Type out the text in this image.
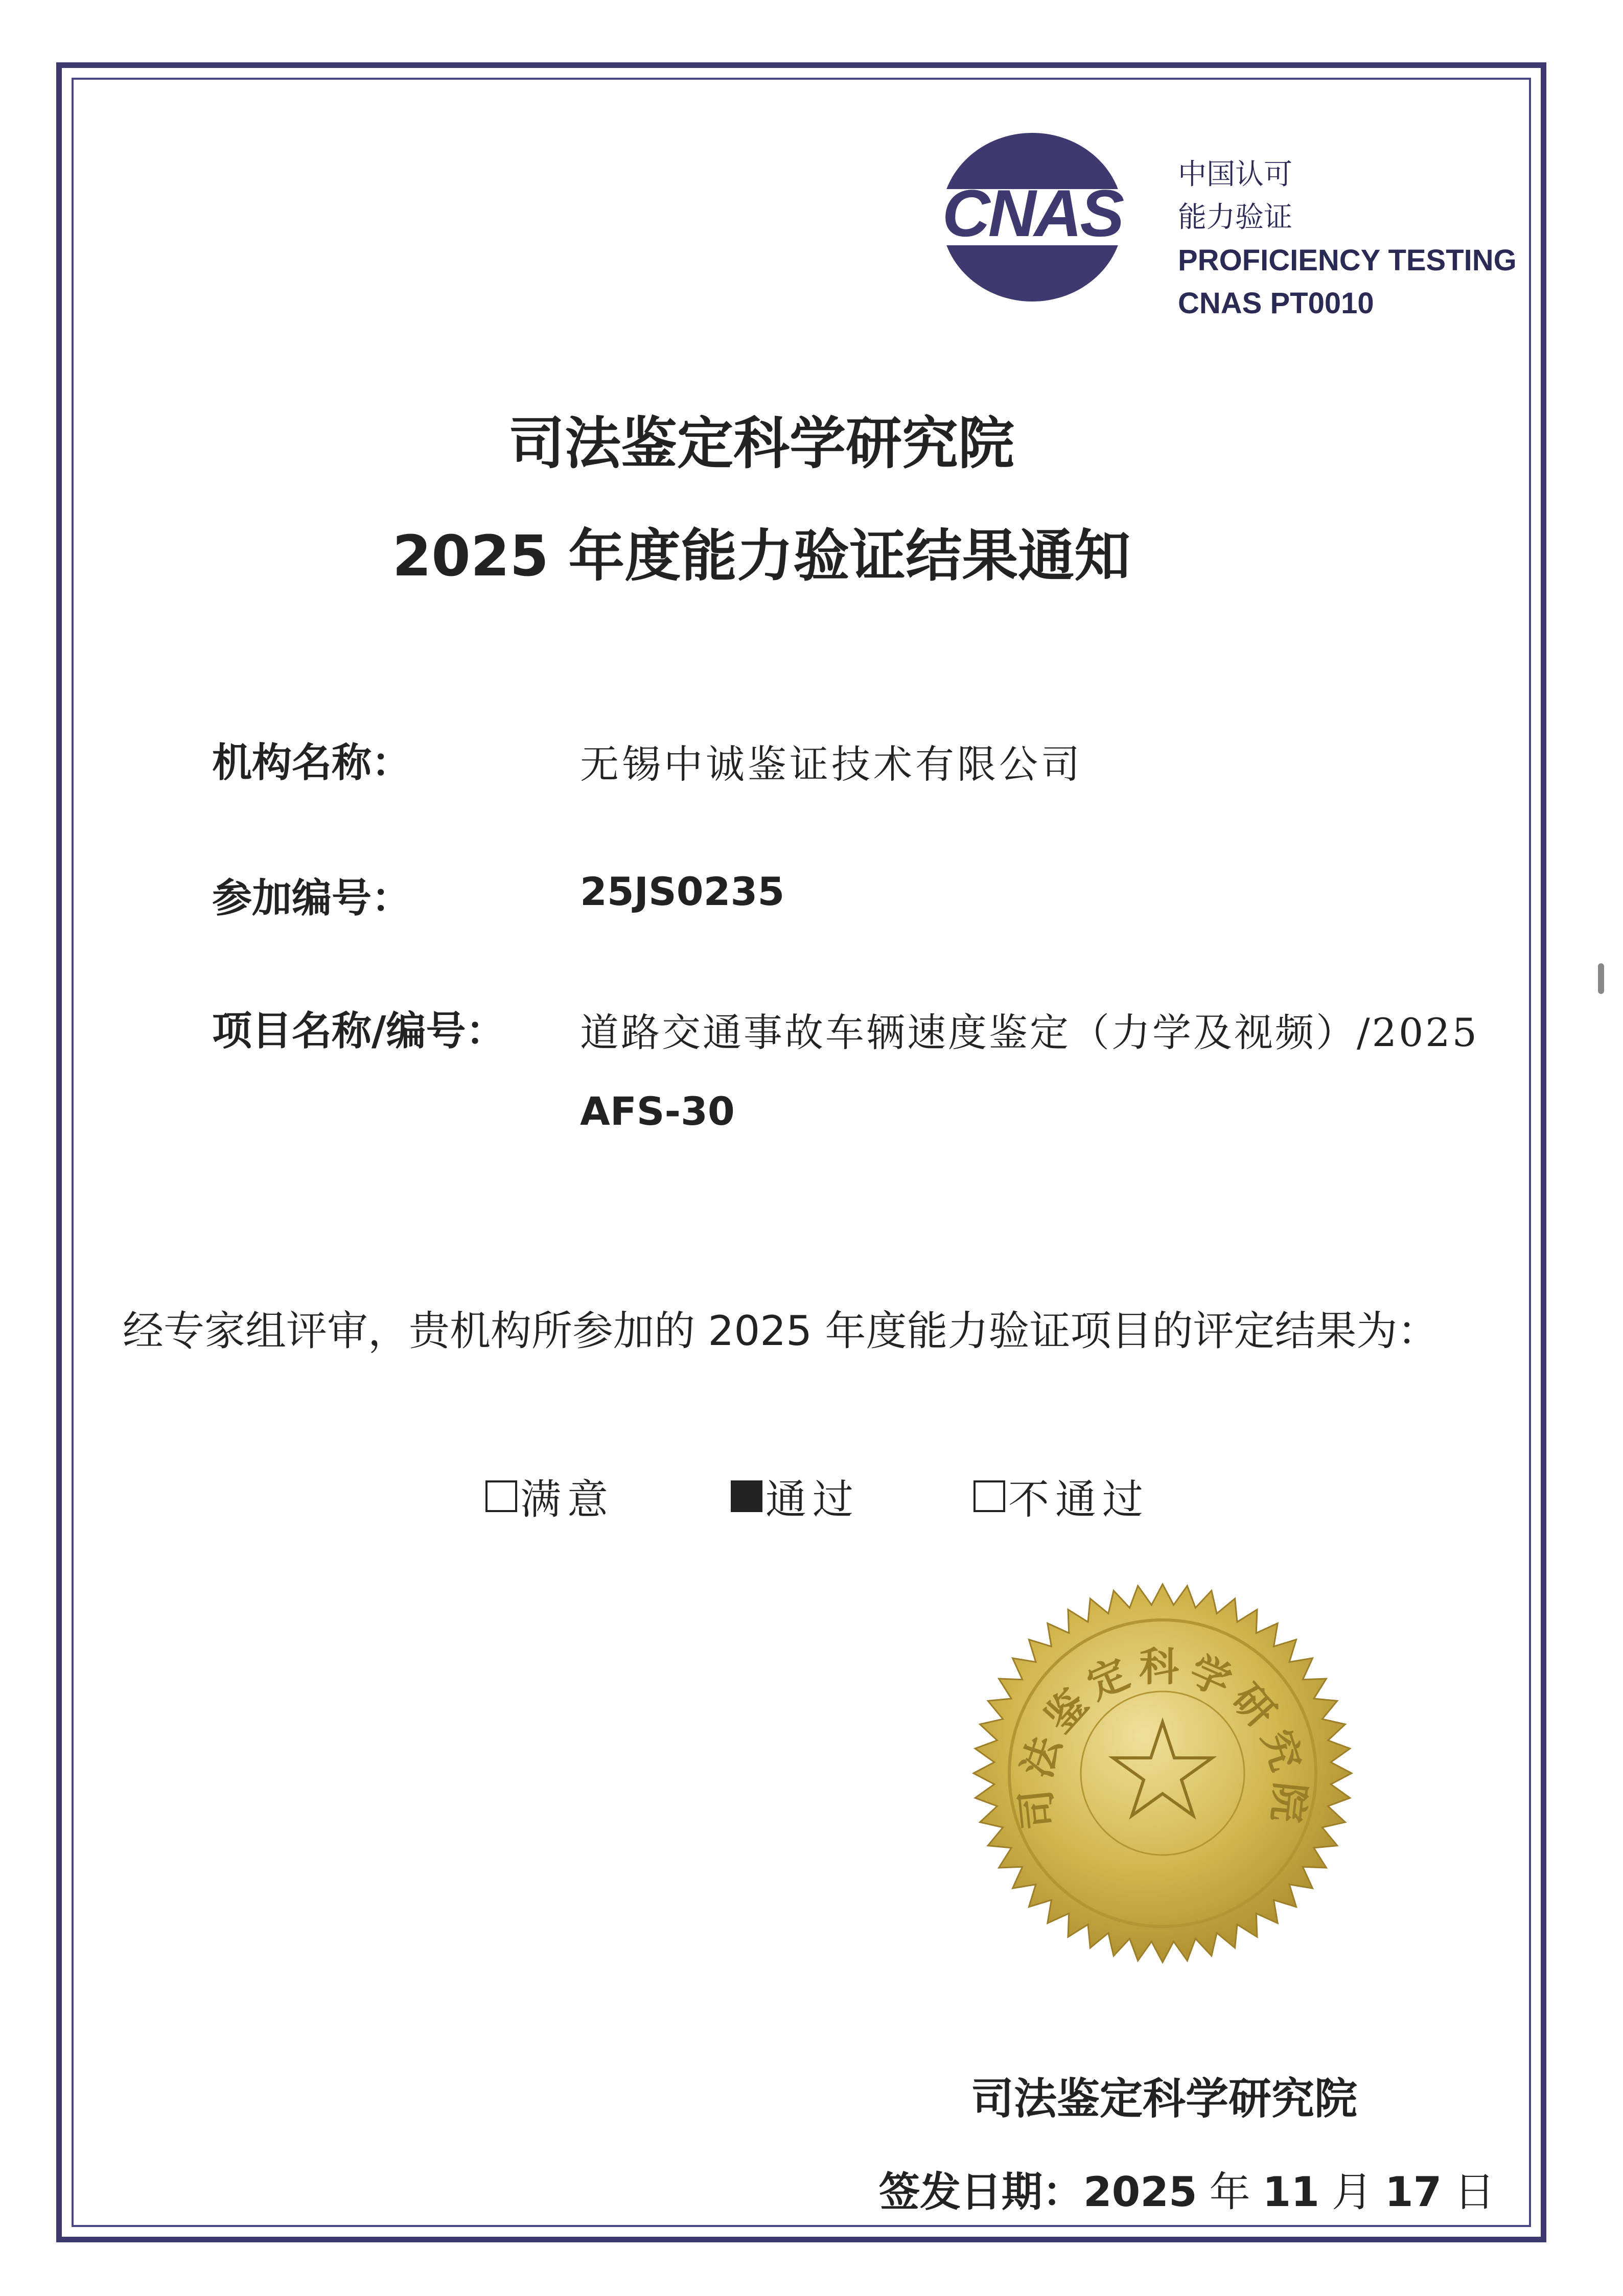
CNAS
中国认可
能力验证
PROFICIENCY TESTING
CNAS PT0010
司法鉴定科学研究院
2025 年度能力验证结果通知
机构名称：	无锡中诚鉴证技术有限公司
参加编号：	25JS0235
项目名称/编号： 道路交通事故车辆速度鉴定（力学及视频）/2025
AFS-30
经专家组评审，贵机构所参加的 2025 年度能力验证项目的评定结果为：
满意	通过	不通过
司法鉴定科学研究院
司法鉴定科学研究院
签发日期：2025 年 11 月 17 日
